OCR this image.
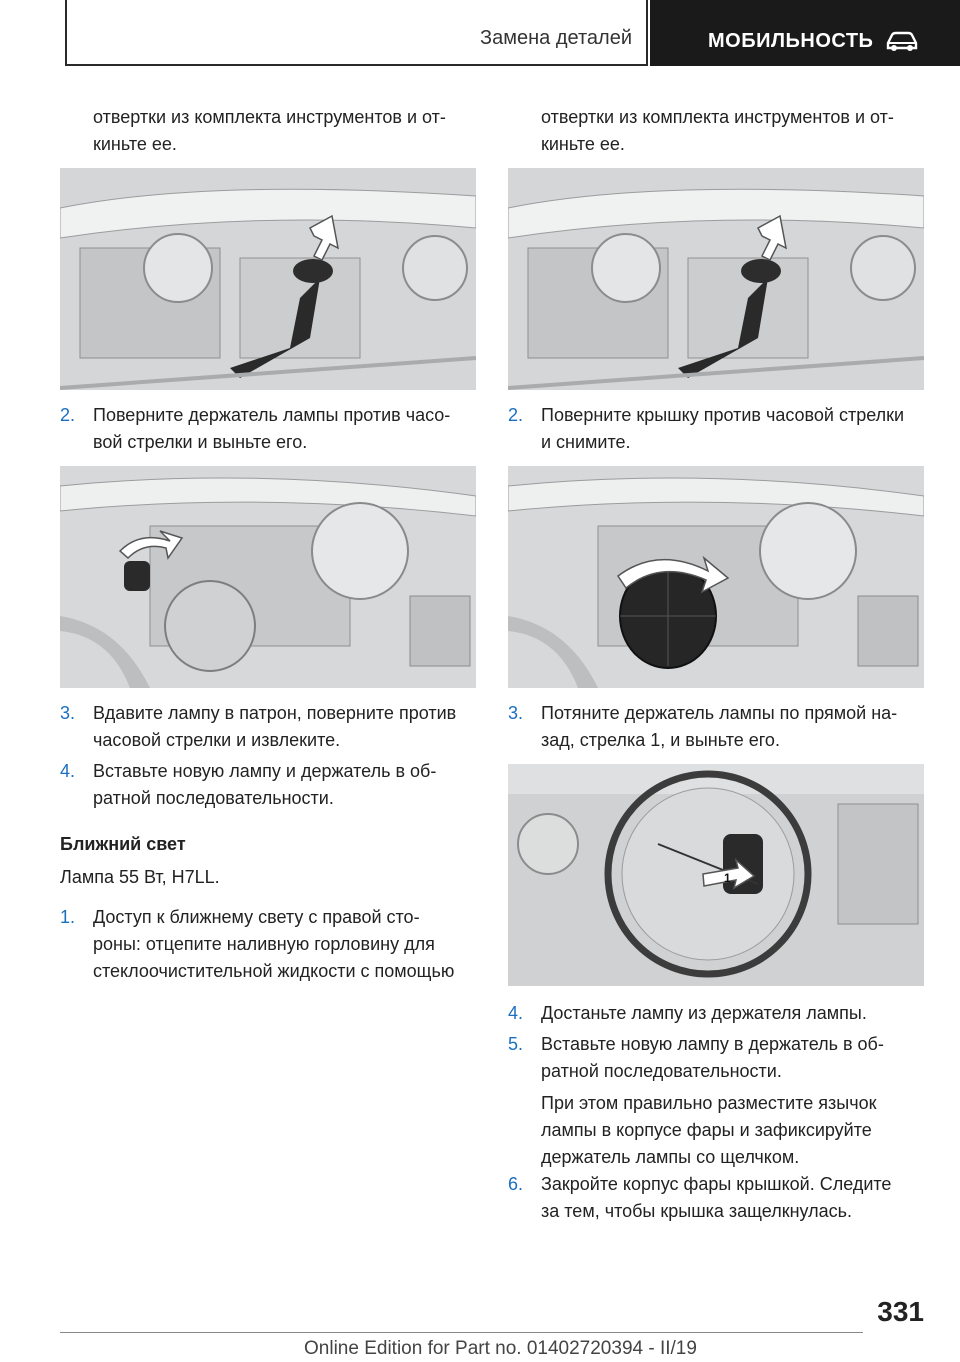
Замена деталей	МОБИЛЬНОСТЬ
отвертки из комплекта инструментов и от-
киньте ее.
2. Поверните держатель лампы против часо-
вой стрелки и выньте его.
3. Вдавите лампу в патрон, поверните против
часовой стрелки и извлеките.
4. Вставьте новую лампу и держатель в об-
ратной последовательности.
Ближний свет
Лампа 55 Вт, H7LL.
1. Доступ к ближнему свету с правой сто-
роны: отцепите наливную горловину для
стеклоочистительной жидкости с помощью
отвертки из комплекта инструментов и от-
киньте ее.
2. Поверните крышку против часовой стрелки
и снимите.
3. Потяните держатель лампы по прямой на-
зад, стрелка 1, и выньте его.
1
4. Достаньте лампу из держателя лампы.
5. Вставьте новую лампу в держатель в об-
ратной последовательности.
При этом правильно разместите язычок
лампы в корпусе фары и зафиксируйте
держатель лампы со щелчком.
6. Закройте корпус фары крышкой. Следите
за тем, чтобы крышка защелкнулась.
331
Online Edition for Part no. 01402720394 - II/19
